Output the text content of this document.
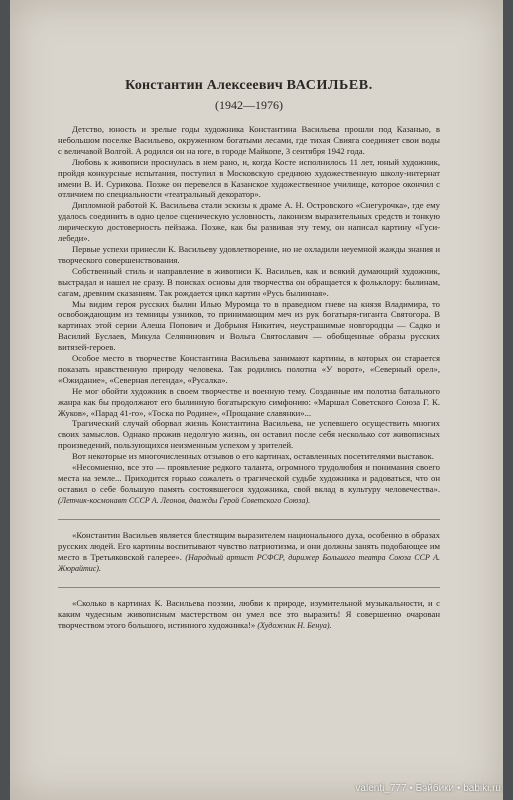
Константин Алексеевич ВАСИЛЬЕВ.
(1942—1976)

Детство, юность и зрелые годы художника Константина Васильева прошли под Казанью, в небольшом поселке Васильево, окруженном богатыми лесами, где тихая Свияга соединяет свои воды с величавой Волгой. А родился он на юге, в городе Майкопе, 3 сентября 1942 года.

Любовь к живописи проснулась в нем рано, и, когда Косте исполнилось 11 лет, юный художник, пройдя конкурсные испытания, поступил в Московскую среднюю художественную школу-интернат имени В. И. Сурикова. Позже он перевелся в Казанское художественное училище, которое окончил с отличием по специальности «театральный декоратор».

Дипломной работой К. Васильева стали эскизы к драме А. Н. Островского «Снегурочка», где ему удалось соединить в одно целое сценическую условность, лаконизм выразительных средств и тонкую лирическую достоверность пейзажа. Позже, как бы развивая эту тему, он написал картину «Гуси-лебеди».

Первые успехи принесли К. Васильеву удовлетворение, но не охладили неуемной жажды знания и творческого совершенствования.

Собственный стиль и направление в живописи К. Васильев, как и всякий думающий художник, выстрадал и нашел не сразу. В поисках основы для творчества он обращается к фольклору: былинам, сагам, древним сказаниям. Так рождается цикл картин «Русь былинная».

Мы видим героя русских былин Илью Муромца то в праведном гневе на князя Владимира, то освобождающим из темницы узников, то принимающим меч из рук богатыря-гиганта Святогора. В картинах этой серии Алеша Попович и Добрыня Никитич, неустрашимые новгородцы — Садко и Василий Буслаев, Микула Селянинович и Вольга Святославич — обобщенные образы русских витязей-героев.

Особое место в творчестве Константина Васильева занимают картины, в которых он старается показать нравственную природу человека. Так родились полотна «У ворот», «Северный орел», «Ожидание», «Северная легенда», «Русалка».

Не мог обойти художник в своем творчестве и военную тему. Созданные им полотна батального жанра как бы продолжают его былинную богатырскую симфонию: «Маршал Советского Союза Г. К. Жуков», «Парад 41-го», «Тоска по Родине», «Прощание славянки»...

Трагический случай оборвал жизнь Константина Васильева, не успевшего осуществить многих своих замыслов. Однако прожив недолгую жизнь, он оставил после себя несколько сот живописных произведений, пользующихся неизменным успехом у зрителей.

Вот некоторые из многочисленных отзывов о его картинах, оставленных посетителями выставок.

«Несомненно, все это — проявление редкого таланта, огромного трудолюбия и понимания своего места на земле... Приходится горько сожалеть о трагической судьбе художника и радоваться, что он оставил о себе большую память состоявшегося художника, свой вклад в культуру человечества». (Летчик-космонавт СССР А. Леонов, дважды Герой Советского Союза).

«Константин Васильев является блестящим выразителем национального духа, особенно в образах русских людей. Его картины воспитывают чувство патриотизма, и они должны занять подобающее им место в Третьяковской галерее». (Народный артист РСФСР, дирижер Большого театра Союза ССР А. Жюрайтис).

«Сколько в картинах К. Васильева поэзии, любви к природе, изумительной музыкальности, и с каким чудесным живописным мастерством он умел все это выразить! Я совершенно очарован творчеством этого большого, истинного художника!» (Художник Н. Бенуа).

valenti_777 • Бэйбики • babiki.ru
